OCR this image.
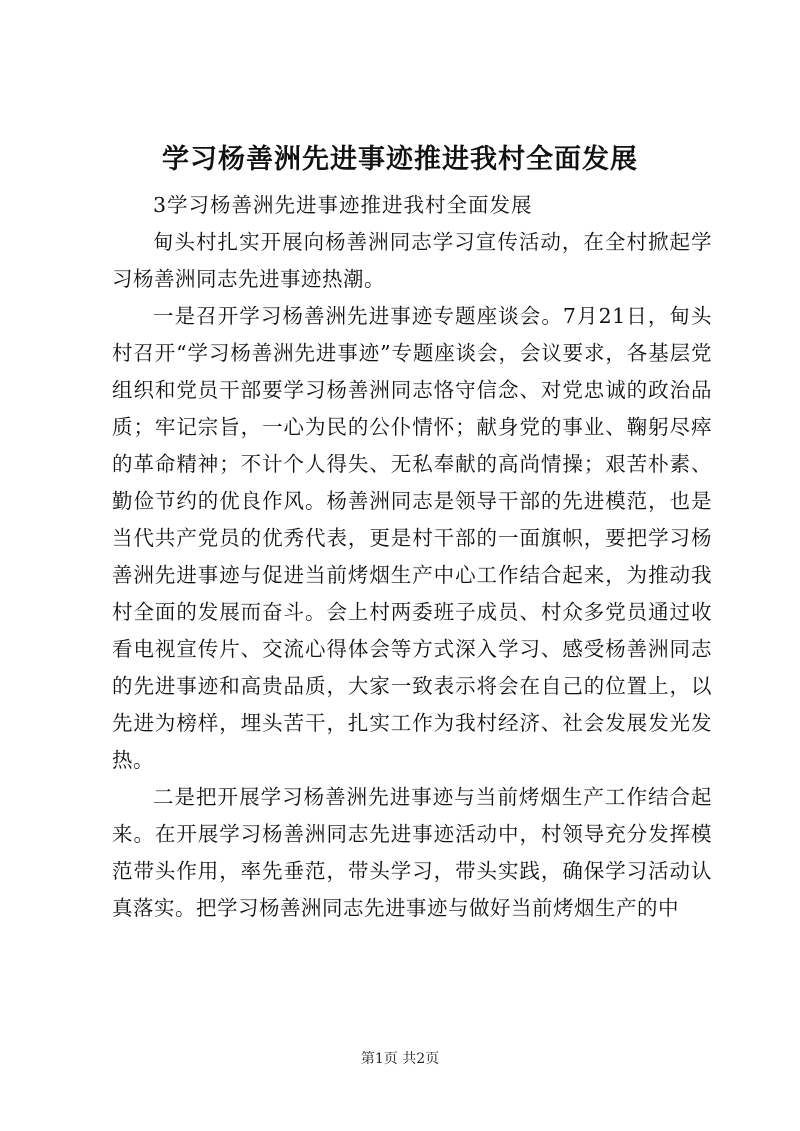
学习杨善洲先进事迹推进我村全面发展

3学习杨善洲先进事迹推进我村全面发展

甸头村扎实开展向杨善洲同志学习宣传活动，在全村掀起学习杨善洲同志先进事迹热潮。

一是召开学习杨善洲先进事迹专题座谈会。7月21日，甸头村召开“学习杨善洲先进事迹”专题座谈会，会议要求，各基层党组织和党员干部要学习杨善洲同志恪守信念、对党忠诚的政治品质；牢记宗旨，一心为民的公仆情怀；献身党的事业、鞠躬尽瘁的革命精神；不计个人得失、无私奉献的高尚情操；艰苦朴素、勤俭节约的优良作风。杨善洲同志是领导干部的先进模范，也是当代共产党员的优秀代表，更是村干部的一面旗帜，要把学习杨善洲先进事迹与促进当前烤烟生产中心工作结合起来，为推动我村全面的发展而奋斗。会上村两委班子成员、村众多党员通过收看电视宣传片、交流心得体会等方式深入学习、感受杨善洲同志的先进事迹和高贵品质，大家一致表示将会在自己的位置上，以先进为榜样，埋头苦干，扎实工作为我村经济、社会发展发光发热。

二是把开展学习杨善洲先进事迹与当前烤烟生产工作结合起来。在开展学习杨善洲同志先进事迹活动中，村领导充分发挥模范带头作用，率先垂范，带头学习，带头实践，确保学习活动认真落实。把学习杨善洲同志先进事迹与做好当前烤烟生产的中

第1页 共2页
